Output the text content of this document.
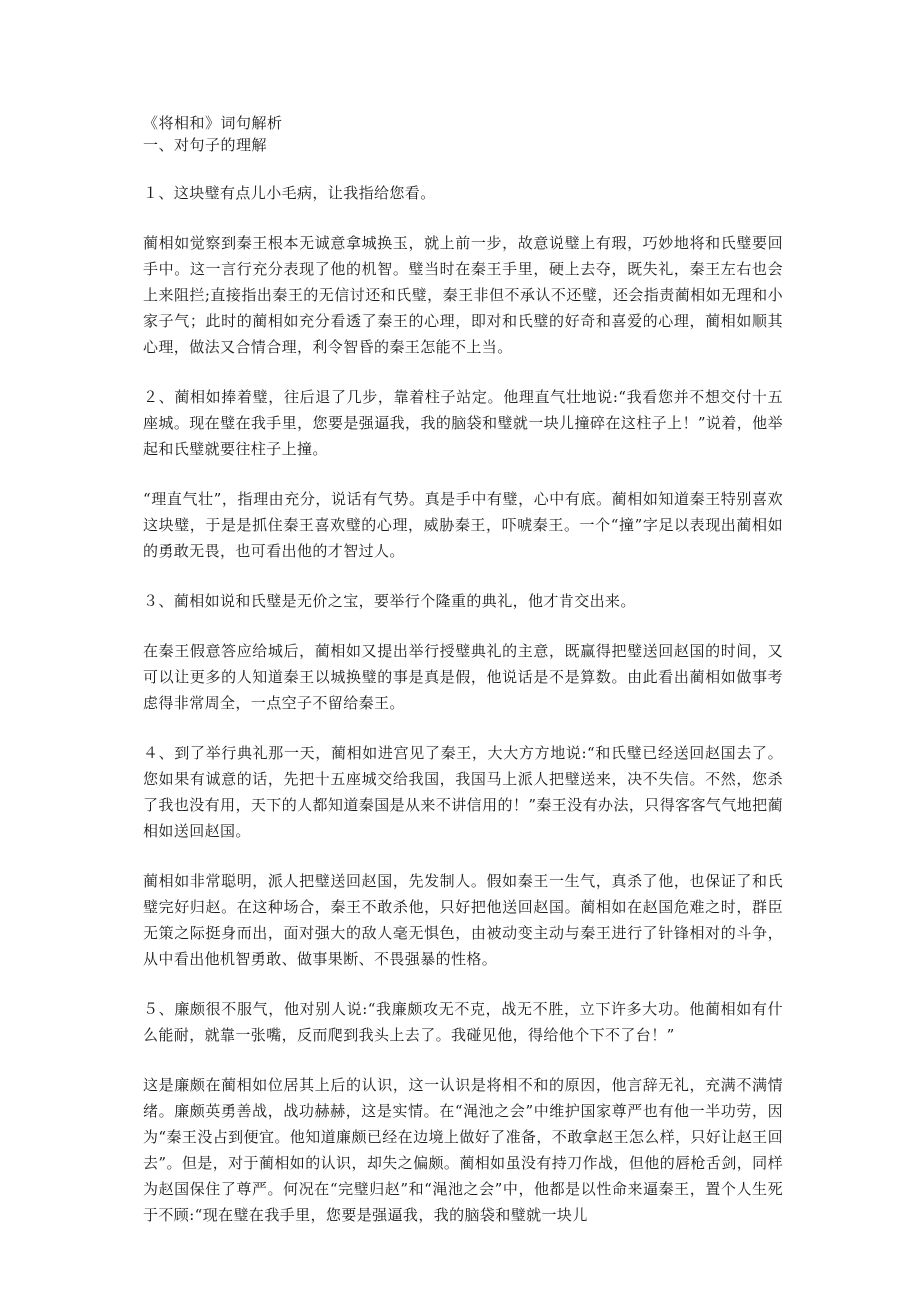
《将相和》词句解析

一、对句子的理解

１、这块璧有点儿小毛病，让我指给您看。

蔺相如觉察到秦王根本无诚意拿城换玉，就上前一步，故意说璧上有瑕，巧妙地将和氏璧要回手中。这一言行充分表现了他的机智。璧当时在秦王手里，硬上去夺，既失礼，秦王左右也会上来阻拦;直接指出秦王的无信讨还和氏璧，秦王非但不承认不还璧，还会指责蔺相如无理和小家子气；此时的蔺相如充分看透了秦王的心理，即对和氏璧的好奇和喜爱的心理，蔺相如顺其心理，做法又合情合理，利令智昏的秦王怎能不上当。

２、蔺相如捧着璧，往后退了几步，靠着柱子站定。他理直气壮地说:“我看您并不想交付十五座城。现在璧在我手里，您要是强逼我，我的脑袋和璧就一块儿撞碎在这柱子上！”说着，他举起和氏璧就要往柱子上撞。

“理直气壮”，指理由充分，说话有气势。真是手中有璧，心中有底。蔺相如知道秦王特别喜欢这块璧，于是是抓住秦王喜欢璧的心理，威胁秦王，吓唬秦王。一个“撞”字足以表现出蔺相如的勇敢无畏，也可看出他的才智过人。

３、蔺相如说和氏璧是无价之宝，要举行个隆重的典礼，他才肯交出来。

在秦王假意答应给城后，蔺相如又提出举行授璧典礼的主意，既赢得把璧送回赵国的时间，又可以让更多的人知道秦王以城换璧的事是真是假，他说话是不是算数。由此看出蔺相如做事考虑得非常周全，一点空子不留给秦王。

４、到了举行典礼那一天，蔺相如进宫见了秦王，大大方方地说:“和氏璧已经送回赵国去了。您如果有诚意的话，先把十五座城交给我国，我国马上派人把璧送来，决不失信。不然，您杀了我也没有用，天下的人都知道秦国是从来不讲信用的！”秦王没有办法，只得客客气气地把蔺相如送回赵国。

蔺相如非常聪明，派人把璧送回赵国，先发制人。假如秦王一生气，真杀了他，也保证了和氏璧完好归赵。在这种场合，秦王不敢杀他，只好把他送回赵国。蔺相如在赵国危难之时，群臣无策之际挺身而出，面对强大的敌人毫无惧色，由被动变主动与秦王进行了针锋相对的斗争，从中看出他机智勇敢、做事果断、不畏强暴的性格。

５、廉颇很不服气，他对别人说:“我廉颇攻无不克，战无不胜，立下许多大功。他蔺相如有什么能耐，就靠一张嘴，反而爬到我头上去了。我碰见他，得给他个下不了台！”

这是廉颇在蔺相如位居其上后的认识，这一认识是将相不和的原因，他言辞无礼，充满不满情绪。廉颇英勇善战，战功赫赫，这是实情。在“渑池之会”中维护国家尊严也有他一半功劳，因为“秦王没占到便宜。他知道廉颇已经在边境上做好了准备，不敢拿赵王怎么样，只好让赵王回去”。但是，对于蔺相如的认识，却失之偏颇。蔺相如虽没有持刀作战，但他的唇枪舌剑，同样为赵国保住了尊严。何况在“完璧归赵”和“渑池之会”中，他都是以性命来逼秦王，置个人生死于不顾:“现在璧在我手里，您要是强逼我，我的脑袋和璧就一块儿
